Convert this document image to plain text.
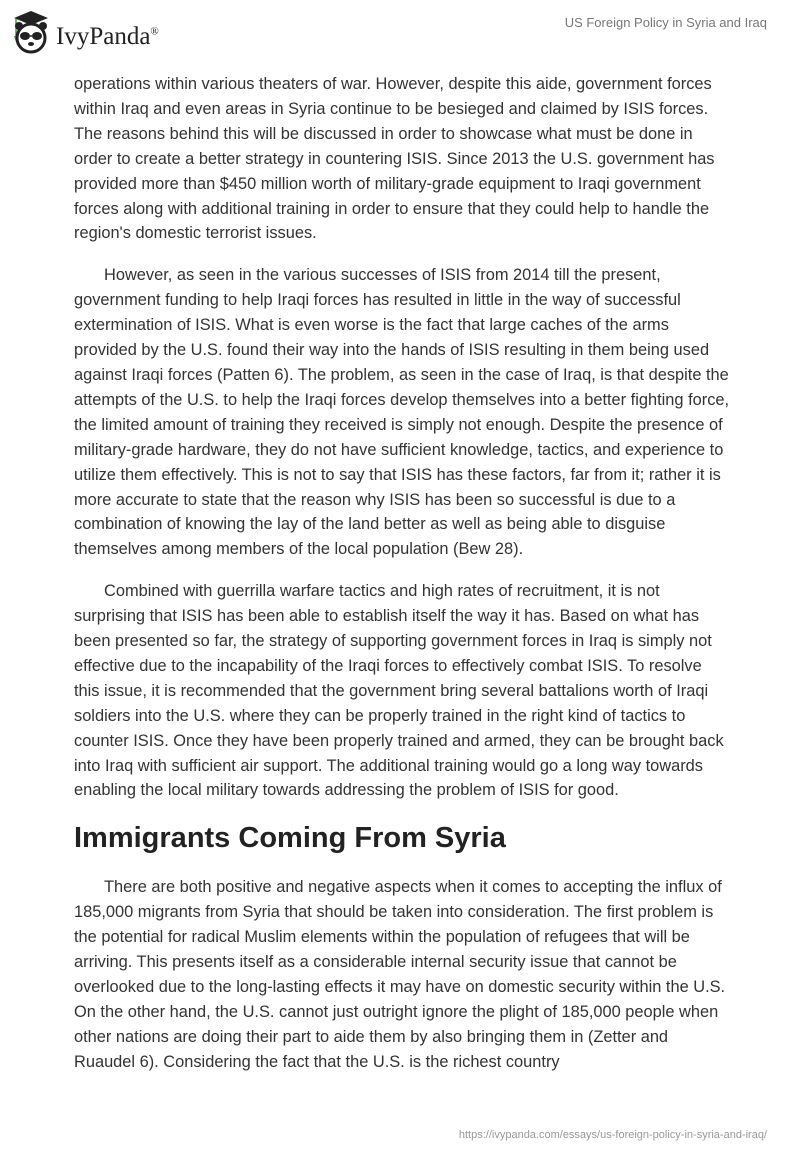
IvyPanda®
US Foreign Policy in Syria and Iraq

operations within various theaters of war. However, despite this aide, government forces within Iraq and even areas in Syria continue to be besieged and claimed by ISIS forces. The reasons behind this will be discussed in order to showcase what must be done in order to create a better strategy in countering ISIS. Since 2013 the U.S. government has provided more than $450 million worth of military-grade equipment to Iraqi government forces along with additional training in order to ensure that they could help to handle the region's domestic terrorist issues.

However, as seen in the various successes of ISIS from 2014 till the present, government funding to help Iraqi forces has resulted in little in the way of successful extermination of ISIS. What is even worse is the fact that large caches of the arms provided by the U.S. found their way into the hands of ISIS resulting in them being used against Iraqi forces (Patten 6). The problem, as seen in the case of Iraq, is that despite the attempts of the U.S. to help the Iraqi forces develop themselves into a better fighting force, the limited amount of training they received is simply not enough. Despite the presence of military-grade hardware, they do not have sufficient knowledge, tactics, and experience to utilize them effectively. This is not to say that ISIS has these factors, far from it; rather it is more accurate to state that the reason why ISIS has been so successful is due to a combination of knowing the lay of the land better as well as being able to disguise themselves among members of the local population (Bew 28).

Combined with guerrilla warfare tactics and high rates of recruitment, it is not surprising that ISIS has been able to establish itself the way it has. Based on what has been presented so far, the strategy of supporting government forces in Iraq is simply not effective due to the incapability of the Iraqi forces to effectively combat ISIS. To resolve this issue, it is recommended that the government bring several battalions worth of Iraqi soldiers into the U.S. where they can be properly trained in the right kind of tactics to counter ISIS. Once they have been properly trained and armed, they can be brought back into Iraq with sufficient air support. The additional training would go a long way towards enabling the local military towards addressing the problem of ISIS for good.

Immigrants Coming From Syria

There are both positive and negative aspects when it comes to accepting the influx of 185,000 migrants from Syria that should be taken into consideration. The first problem is the potential for radical Muslim elements within the population of refugees that will be arriving. This presents itself as a considerable internal security issue that cannot be overlooked due to the long-lasting effects it may have on domestic security within the U.S. On the other hand, the U.S. cannot just outright ignore the plight of 185,000 people when other nations are doing their part to aide them by also bringing them in (Zetter and Ruaudel 6). Considering the fact that the U.S. is the richest country

https://ivypanda.com/essays/us-foreign-policy-in-syria-and-iraq/
